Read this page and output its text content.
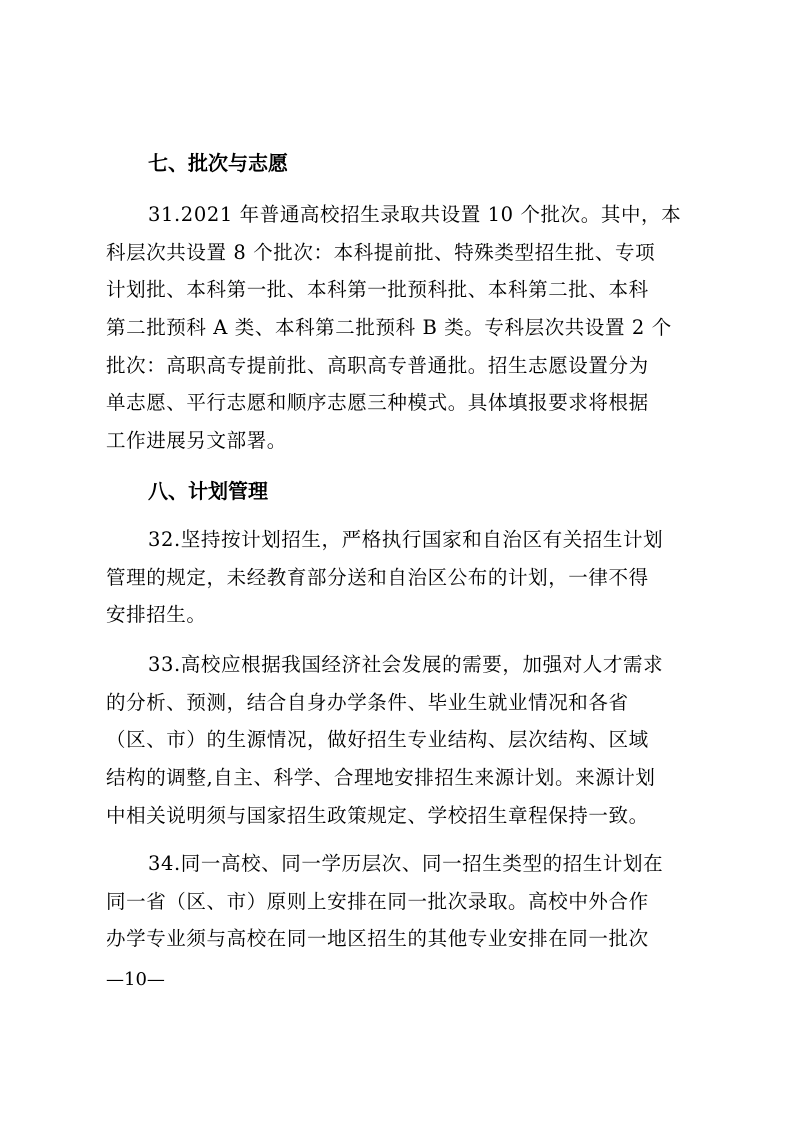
七、批次与志愿
31.2021 年普通高校招生录取共设置 10 个批次。其中，本
科层次共设置 8 个批次：本科提前批、特殊类型招生批、专项
计划批、本科第一批、本科第一批预科批、本科第二批、本科
第二批预科 A 类、本科第二批预科 B 类。专科层次共设置 2 个
批次：高职高专提前批、高职高专普通批。招生志愿设置分为
单志愿、平行志愿和顺序志愿三种模式。具体填报要求将根据
工作进展另文部署。
八、计划管理
32.坚持按计划招生，严格执行国家和自治区有关招生计划
管理的规定，未经教育部分送和自治区公布的计划，一律不得
安排招生。
33.高校应根据我国经济社会发展的需要，加强对人才需求
的分析、预测，结合自身办学条件、毕业生就业情况和各省
（区、市）的生源情况，做好招生专业结构、层次结构、区域
结构的调整,自主、科学、合理地安排招生来源计划。来源计划
中相关说明须与国家招生政策规定、学校招生章程保持一致。
34.同一高校、同一学历层次、同一招生类型的招生计划在
同一省（区、市）原则上安排在同一批次录取。高校中外合作
办学专业须与高校在同一地区招生的其他专业安排在同一批次
—10—
